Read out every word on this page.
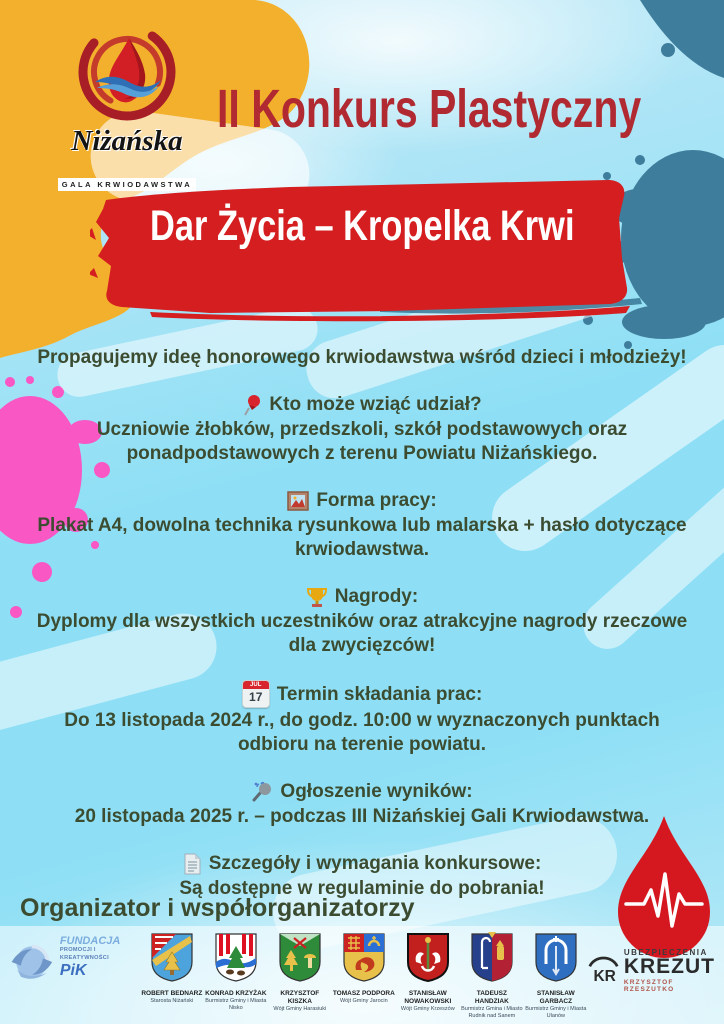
Niżańska

GALA KRWIODAWSTWA
II Konkurs Plastyczny
Dar Życia – Kropelka Krwi
Propagujemy ideę honorowego krwiodawstwa wśród dzieci i młodzieży!
Kto może wziąć udział?
Uczniowie żłobków, przedszkoli, szkół podstawowych oraz ponadpodstawowych z terenu Powiatu Niżańskiego.
Forma pracy:
Plakat A4, dowolna technika rysunkowa lub malarska + hasło dotyczące krwiodawstwa.
Nagrody:
Dyplomy dla wszystkich uczestników oraz atrakcyjne nagrody rzeczowe dla zwycięzców!
JUL
17 Termin składania prac:
Do 13 listopada 2024 r., do godz. 10:00 w wyznaczonych punktach odbioru na terenie powiatu.
Ogłoszenie wyników:
20 listopada 2025 r. – podczas III Niżańskiej Gali Krwiodawstwa.
Szczegóły i wymagania konkursowe:
Są dostępne w regulaminie do pobrania!
Organizator i współorganizatorzy
FUNDACJA
PROMOCJI I KREATYWNOŚCI
PiK
ROBERT BEDNARZ
Starosta Niżański
KONRAD KRZYŻAK
Burmistrz Gminy i Miasta Nisko
KRZYSZTOF KISZKA
Wójt Gminy Harasiuki
TOMASZ PODPORA
Wójt Gminy Jarocin
STANISŁAW NOWAKOWSKI
Wójt Gminy Krzeszów
TADEUSZ HANDZIAK
Burmistrz Gmina i Miasto Rudnik nad Sanem
STANISŁAW GARBACZ
Burmistrz Gminy i Miasta Ulanów
KR
UBEZPIECZENIA
KREZUT
KRZYSZTOF RZESZUTKO
